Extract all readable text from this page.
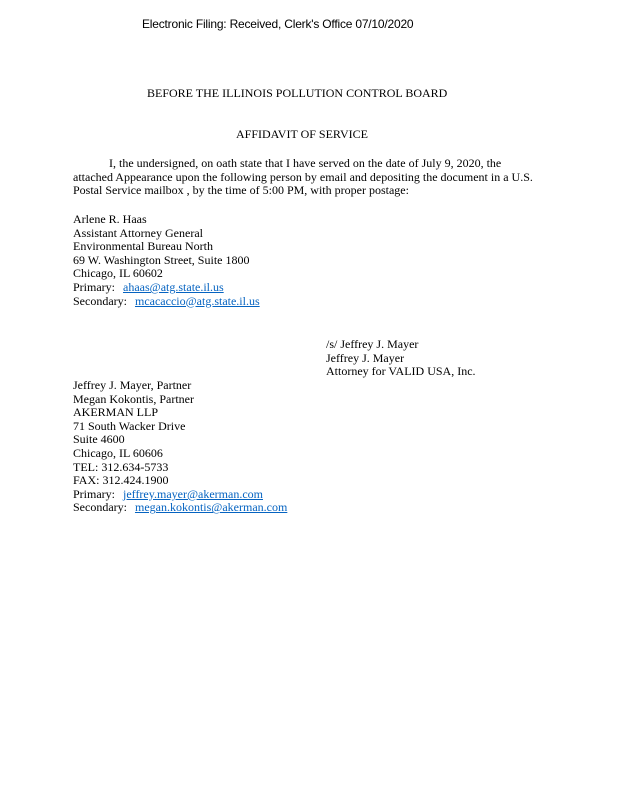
Electronic Filing: Received, Clerk's Office 07/10/2020
BEFORE THE ILLINOIS POLLUTION CONTROL BOARD
AFFIDAVIT OF SERVICE
I, the undersigned, on oath state that I have served on the date of July 9, 2020, the
attached Appearance upon the following person by email and depositing the document in a U.S.
Postal Service mailbox , by the time of 5:00 PM, with proper postage:
Arlene R. Haas
Assistant Attorney General
Environmental Bureau North
69 W. Washington Street, Suite 1800
Chicago, IL 60602
Primary: ahaas@atg.state.il.us
Secondary: mcacaccio@atg.state.il.us
/s/ Jeffrey J. Mayer
Jeffrey J. Mayer
Attorney for VALID USA, Inc.
Jeffrey J. Mayer, Partner
Megan Kokontis, Partner
AKERMAN LLP
71 South Wacker Drive
Suite 4600
Chicago, IL 60606
TEL: 312.634-5733
FAX: 312.424.1900
Primary: jeffrey.mayer@akerman.com
Secondary: megan.kokontis@akerman.com
